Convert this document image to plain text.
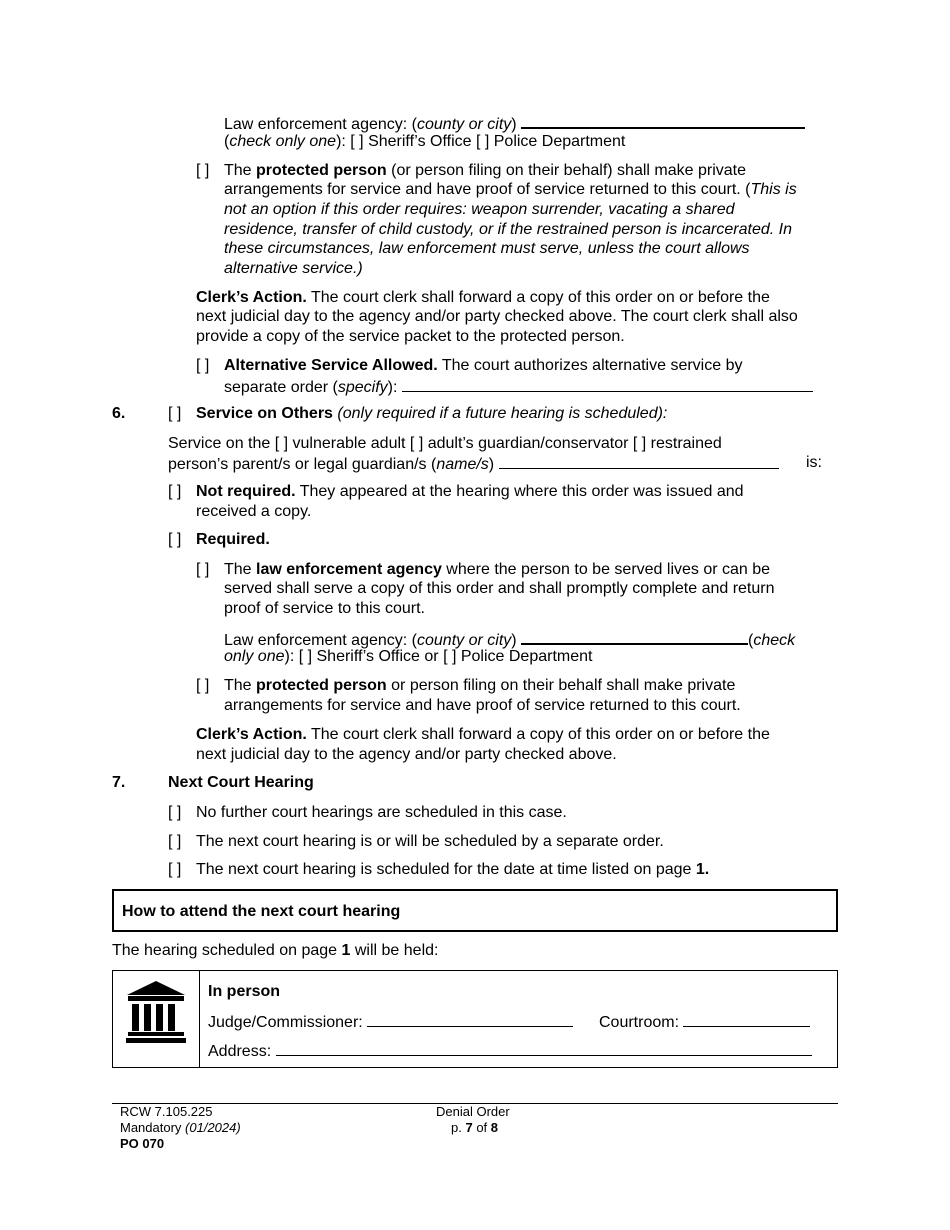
Law enforcement agency: (county or city)
(check only one): [ ] Sheriff’s Office [ ] Police Department
[ ] The protected person (or person filing on their behalf) shall make private
arrangements for service and have proof of service returned to this court. (This is
not an option if this order requires: weapon surrender, vacating a shared
residence, transfer of child custody, or if the restrained person is incarcerated. In
these circumstances, law enforcement must serve, unless the court allows
alternative service.)
Clerk’s Action. The court clerk shall forward a copy of this order on or before the
next judicial day to the agency and/or party checked above. The court clerk shall also
provide a copy of the service packet to the protected person.
[ ] Alternative Service Allowed. The court authorizes alternative service by
separate order (specify):
6.	[ ] Service on Others (only required if a future hearing is scheduled):
Service on the [ ] vulnerable adult [ ] adult’s guardian/conservator [ ] restrained
person’s parent/s or legal guardian/s (name/s)	is:
[ ] Not required. They appeared at the hearing where this order was issued and
received a copy.
[ ] Required.
[ ] The law enforcement agency where the person to be served lives or can be
served shall serve a copy of this order and shall promptly complete and return
proof of service to this court.
Law enforcement agency: (county or city)	(check
only one): [ ] Sheriff’s Office or [ ] Police Department
[ ] The protected person or person filing on their behalf shall make private
arrangements for service and have proof of service returned to this court.
Clerk’s Action. The court clerk shall forward a copy of this order on or before the
next judicial day to the agency and/or party checked above.
7.	Next Court Hearing
[ ] No further court hearings are scheduled in this case.
[ ] The next court hearing is or will be scheduled by a separate order.
[ ] The next court hearing is scheduled for the date at time listed on page 1.
How to attend the next court hearing
The hearing scheduled on page 1 will be held:
In person
Judge/Commissioner:	Courtroom:
Address:
RCW 7.105.225
Mandatory (01/2024)
PO 070
Denial Order
p. 7 of 8
